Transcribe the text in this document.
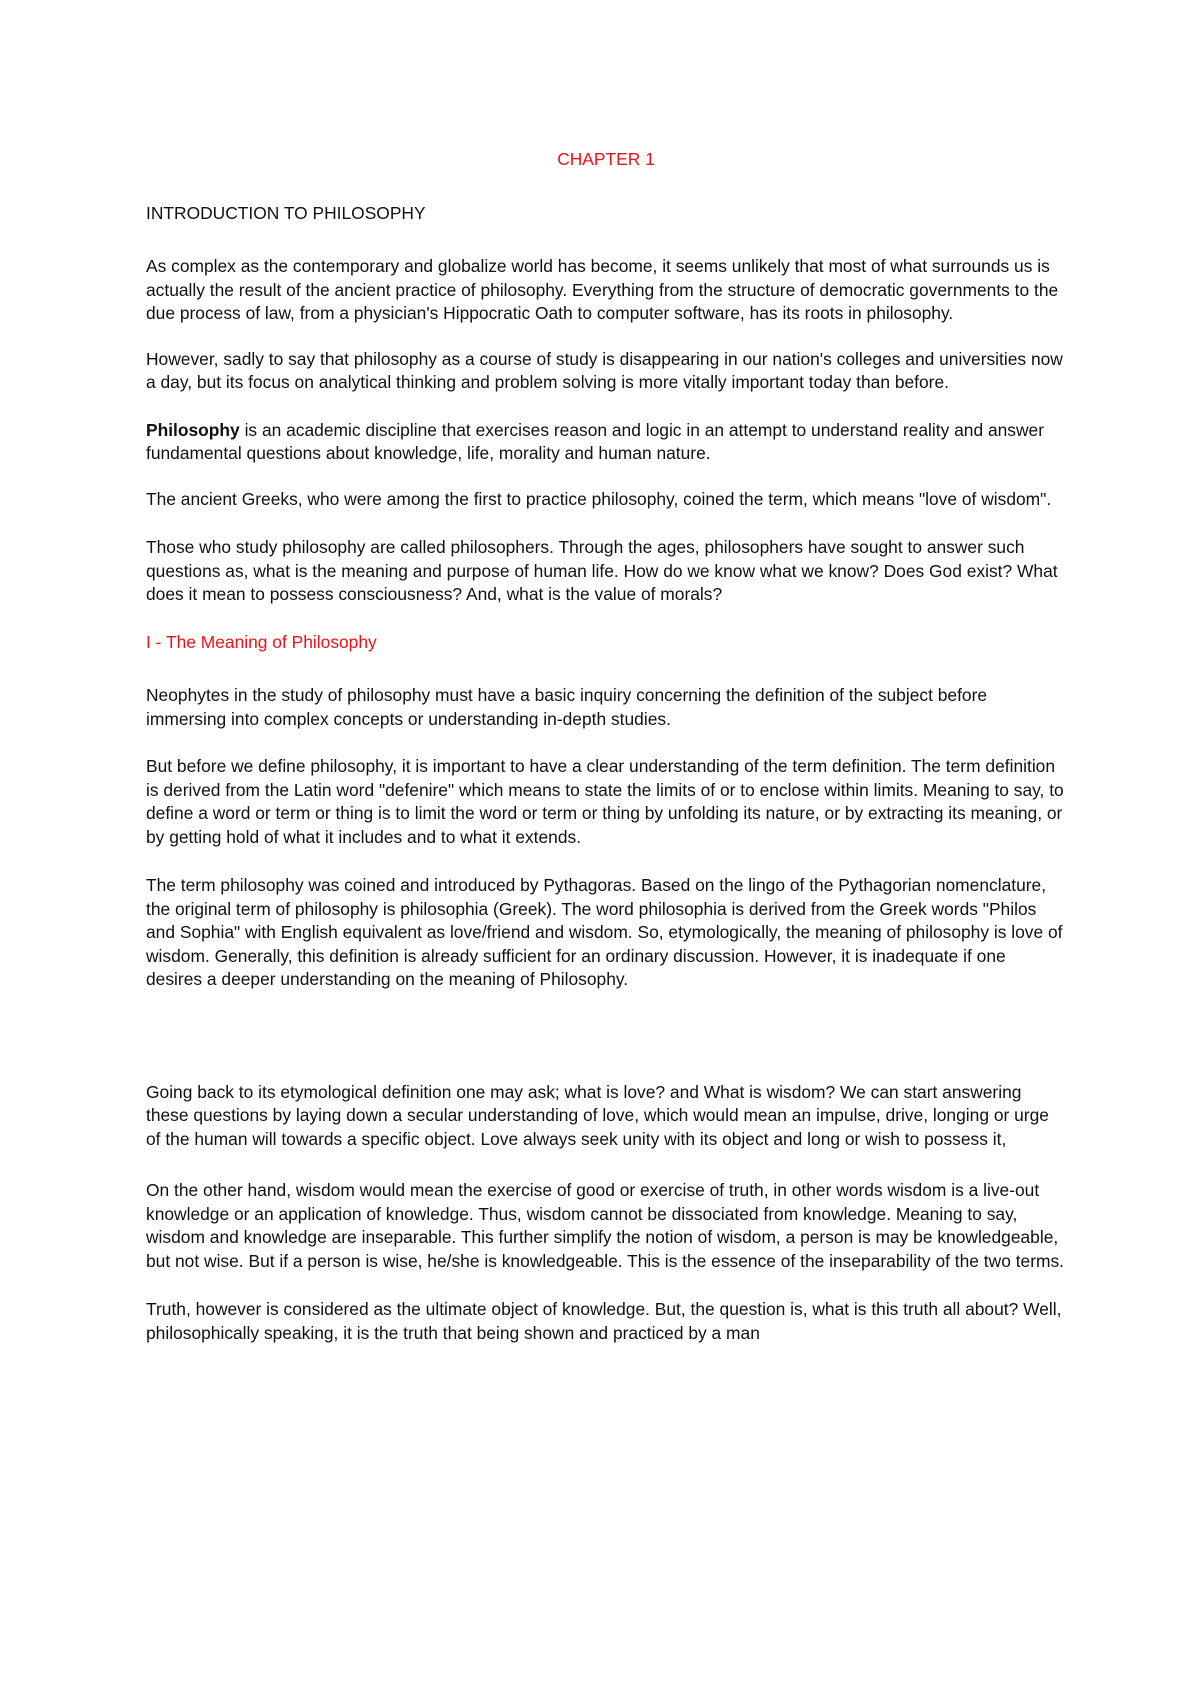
CHAPTER 1
INTRODUCTION TO PHILOSOPHY

As complex as the contemporary and globalize world has become, it seems unlikely that most of what surrounds us is actually the result of the ancient practice of philosophy. Everything from the structure of democratic governments to the due process of law, from a physician's Hippocratic Oath to computer software, has its roots in philosophy.

However, sadly to say that philosophy as a course of study is disappearing in our nation's colleges and universities now a day, but its focus on analytical thinking and problem solving is more vitally important today than before.

Philosophy is an academic discipline that exercises reason and logic in an attempt to understand reality and answer fundamental questions about knowledge, life, morality and human nature.

The ancient Greeks, who were among the first to practice philosophy, coined the term, which means "love of wisdom".

Those who study philosophy are called philosophers. Through the ages, philosophers have sought to answer such questions as, what is the meaning and purpose of human life. How do we know what we know? Does God exist? What does it mean to possess consciousness? And, what is the value of morals?

I - The Meaning of Philosophy

Neophytes in the study of philosophy must have a basic inquiry concerning the definition of the subject before immersing into complex concepts or understanding in-depth studies.

But before we define philosophy, it is important to have a clear understanding of the term definition. The term definition is derived from the Latin word "defenire" which means to state the limits of or to enclose within limits. Meaning to say, to define a word or term or thing is to limit the word or term or thing by unfolding its nature, or by extracting its meaning, or by getting hold of what it includes and to what it extends.

The term philosophy was coined and introduced by Pythagoras. Based on the lingo of the Pythagorian nomenclature, the original term of philosophy is philosophia (Greek). The word philosophia is derived from the Greek words "Philos and Sophia" with English equivalent as love/friend and wisdom. So, etymologically, the meaning of philosophy is love of wisdom. Generally, this definition is already sufficient for an ordinary discussion. However, it is inadequate if one desires a deeper understanding on the meaning of Philosophy.

Going back to its etymological definition one may ask; what is love? and What is wisdom? We can start answering these questions by laying down a secular understanding of love, which would mean an impulse, drive, longing or urge of the human will towards a specific object. Love always seek unity with its object and long or wish to possess it,

On the other hand, wisdom would mean the exercise of good or exercise of truth, in other words wisdom is a live-out knowledge or an application of knowledge. Thus, wisdom cannot be dissociated from knowledge. Meaning to say, wisdom and knowledge are inseparable. This further simplify the notion of wisdom, a person is may be knowledgeable, but not wise. But if a person is wise, he/she is knowledgeable. This is the essence of the inseparability of the two terms.

Truth, however is considered as the ultimate object of knowledge. But, the question is, what is this truth all about? Well, philosophically speaking, it is the truth that being shown and practiced by a man
